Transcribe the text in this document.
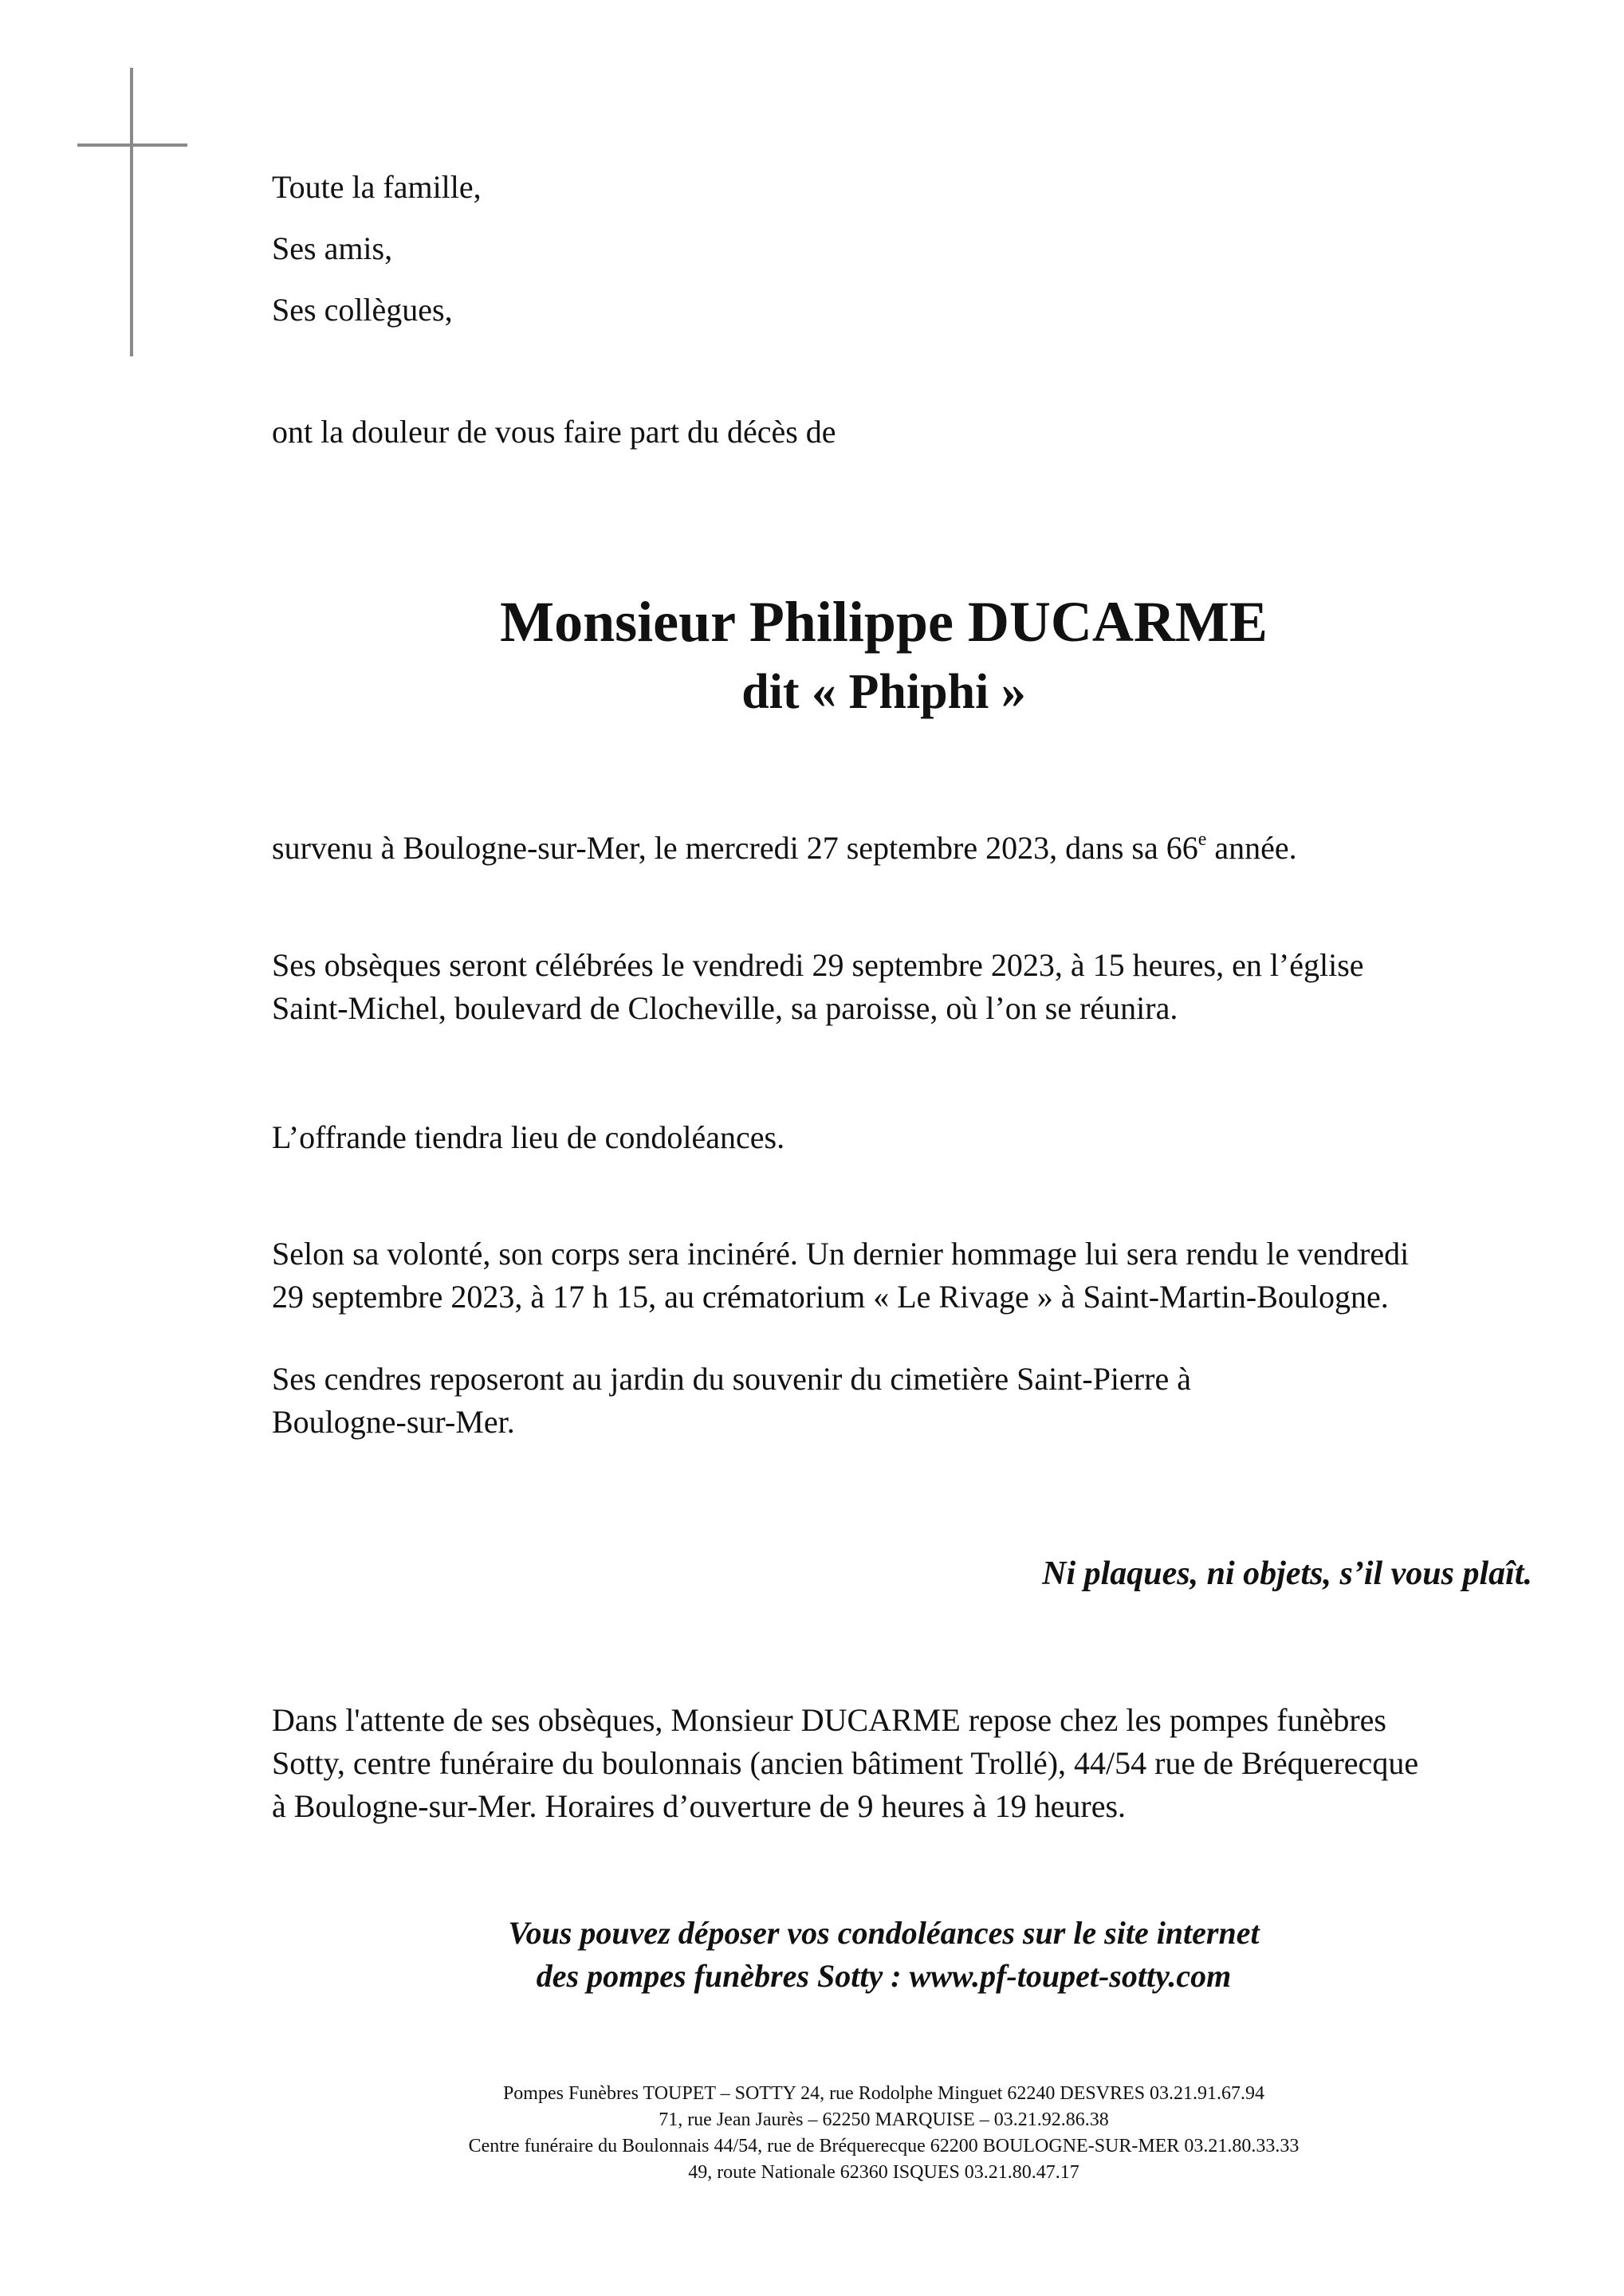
Toute la famille,

Ses amis,

Ses collègues,

ont la douleur de vous faire part du décès de

Monsieur Philippe DUCARME
dit « Phiphi »

survenu à Boulogne-sur-Mer, le mercredi 27 septembre 2023, dans sa 66e année.

Ses obsèques seront célébrées le vendredi 29 septembre 2023, à 15 heures, en l’église

Saint-Michel, boulevard de Clocheville, sa paroisse, où l’on se réunira.

L’offrande tiendra lieu de condoléances.

Selon sa volonté, son corps sera incinéré. Un dernier hommage lui sera rendu le vendredi

29 septembre 2023, à 17 h 15, au crématorium « Le Rivage » à Saint-Martin-Boulogne.

Ses cendres reposeront au jardin du souvenir du cimetière Saint-Pierre à

Boulogne-sur-Mer.

Ni plaques, ni objets, s’il vous plaît.

Dans l'attente de ses obsèques, Monsieur DUCARME repose chez les pompes funèbres

Sotty, centre funéraire du boulonnais (ancien bâtiment Trollé), 44/54 rue de Bréquerecque

à Boulogne-sur-Mer. Horaires d’ouverture de 9 heures à 19 heures.

Vous pouvez déposer vos condoléances sur le site internet

des pompes funèbres Sotty : www.pf-toupet-sotty.com

Pompes Funèbres TOUPET – SOTTY 24, rue Rodolphe Minguet 62240 DESVRES 03.21.91.67.94

71, rue Jean Jaurès – 62250 MARQUISE – 03.21.92.86.38

Centre funéraire du Boulonnais 44/54, rue de Bréquerecque 62200 BOULOGNE-SUR-MER 03.21.80.33.33

49, route Nationale 62360 ISQUES 03.21.80.47.17
